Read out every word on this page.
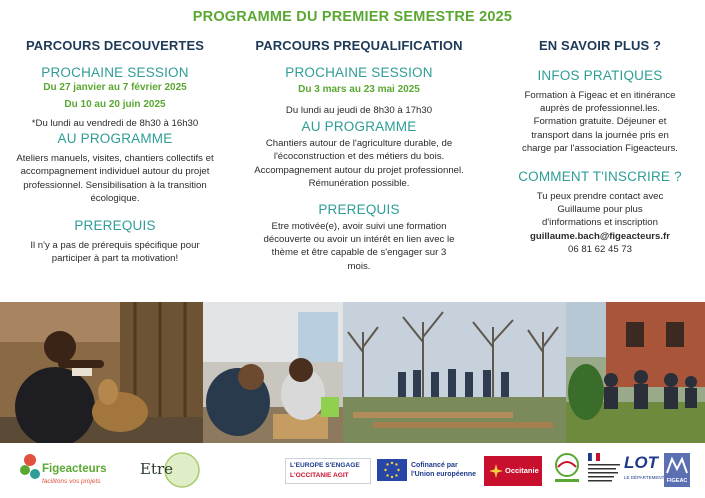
PROGRAMME DU PREMIER SEMESTRE 2025
PARCOURS DECOUVERTES
PROCHAINE SESSION
Du 27 janvier au 7 février 2025
Du 10 au 20 juin 2025
*Du lundi au vendredi de 8h30 à 16h30
AU PROGRAMME
Ateliers manuels, visites, chantiers collectifs et accompagnement individuel autour du projet professionnel. Sensibilisation à la transition écologique.
PREREQUIS
Il n'y a pas de prérequis spécifique pour participer à part ta motivation!
PARCOURS PREQUALIFICATION
PROCHAINE SESSION
Du 3 mars au 23 mai 2025
Du lundi au jeudi de 8h30 à 17h30
AU PROGRAMME
Chantiers autour de l'agriculture durable, de l'écoconstruction et des métiers du bois. Accompagnement autour du projet professionnel. Rémunération possible.
PREREQUIS
Etre motivée(e), avoir suivi une formation découverte ou avoir un intérêt en lien avec le thème et être capable de s'engager sur 3 mois.
EN SAVOIR PLUS ?
INFOS PRATIQUES
Formation à Figeac et en itinérance auprès de professionnel.les. Formation gratuite. Déjeuner et transport dans la journée pris en charge par l'association Figeacteurs.
COMMENT T'INSCRIRE ?
Tu peux prendre contact avec Guillaume pour plus d'informations et inscription
guillaume.bach@figeacteurs.fr
06 81 62 45 73
Figeacteurs
facilitons vos projets
Etre	L'EUROPE S'ENGAGE
L'OCCITANIE AGIT
Cofinancé par l'Union européenne	Occitanie	LOT
LE DÉPARTEMENT
FIGEAC
